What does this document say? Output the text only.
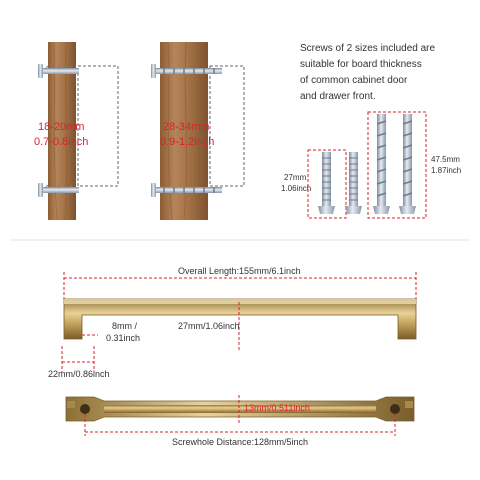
Screws of 2 sizes included are
suitable for board thickness
of common cabinet door
and drawer front.
18-20mm
0.7-0.8inch
28-34mm
0.9-1.2inch
27mm
1.06inch
47.5mm
1.87inch
Overall Length:155mm/6.1inch
27mm/1.06inch
8mm /
0.31inch
22mm/0.86inch
13mm/0.511inch
Screwhole Distance:128mm/5inch
